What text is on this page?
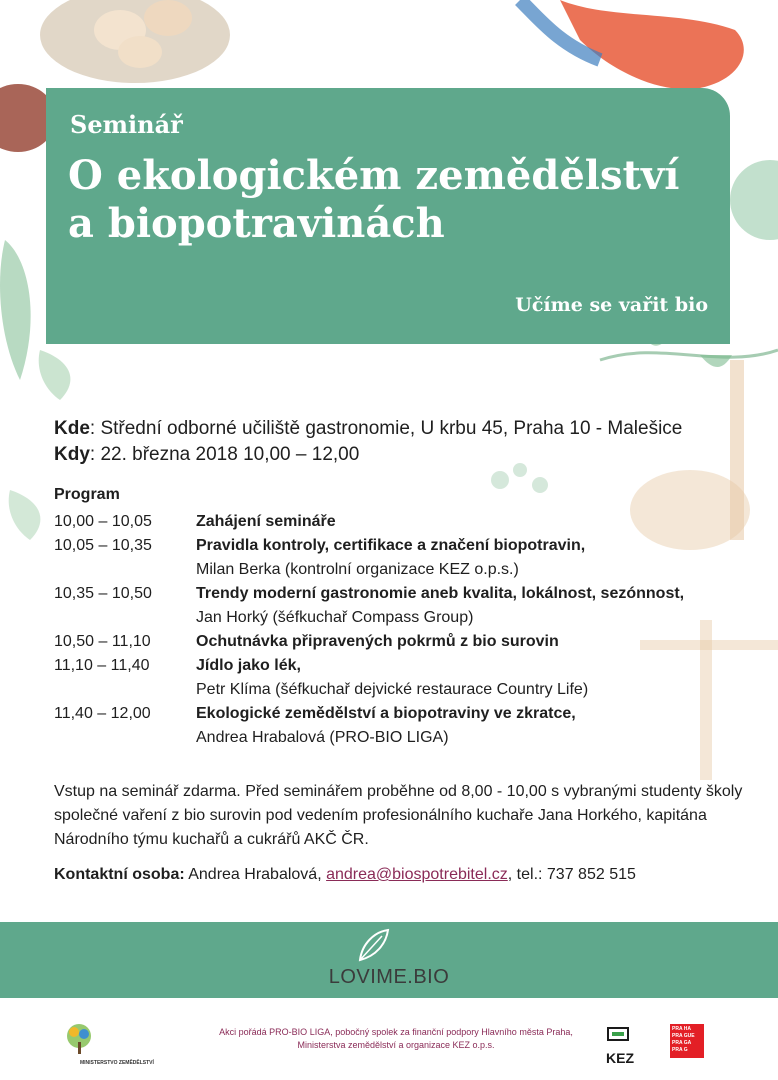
Seminář
O ekologickém zemědělství
a biopotravinách
Učíme se vařit bio
Kde: Střední odborné učiliště gastronomie, U krbu 45, Praha 10 - Malešice
Kdy: 22. března 2018 10,00 – 12,00
Program
10,00 – 10,05	Zahájení semináře
10,05 – 10,35	Pravidla kontroly, certifikace a značení biopotravin,
Milan Berka (kontrolní organizace KEZ o.p.s.)
10,35 – 10,50	Trendy moderní gastronomie aneb kvalita, lokálnost, sezónnost,
Jan Horký (šéfkuchař Compass Group)
10,50 – 11,10	Ochutnávka připravených pokrmů z bio surovin
11,10 – 11,40	Jídlo jako lék,
Petr Klíma (šéfkuchař dejvické restaurace Country Life)
11,40 – 12,00	Ekologické zemědělství a biopotraviny ve zkratce,
Andrea Hrabalová (PRO-BIO LIGA)
Vstup na seminář zdarma. Před seminářem proběhne od 8,00 - 10,00 s vybranými studenty školy společné vaření z bio surovin pod vedením profesionálního kuchaře Jana Horkého, kapitána Národního týmu kuchařů a cukrářů AKČ ČR.
Kontaktní osoba: Andrea Hrabalová, andrea@biospotrebitel.cz, tel.: 737 852 515
LOVIME.BIO
MINISTERSTVO ZEMĚDĚLSTVÍ
Akci pořádá PRO-BIO LIGA, pobočný spolek za finanční podpory Hlavního města Praha,
Ministerstva zemědělství a organizace KEZ o.p.s.
KEZ
PRA HA PRA GUE PRA GA PRA G
